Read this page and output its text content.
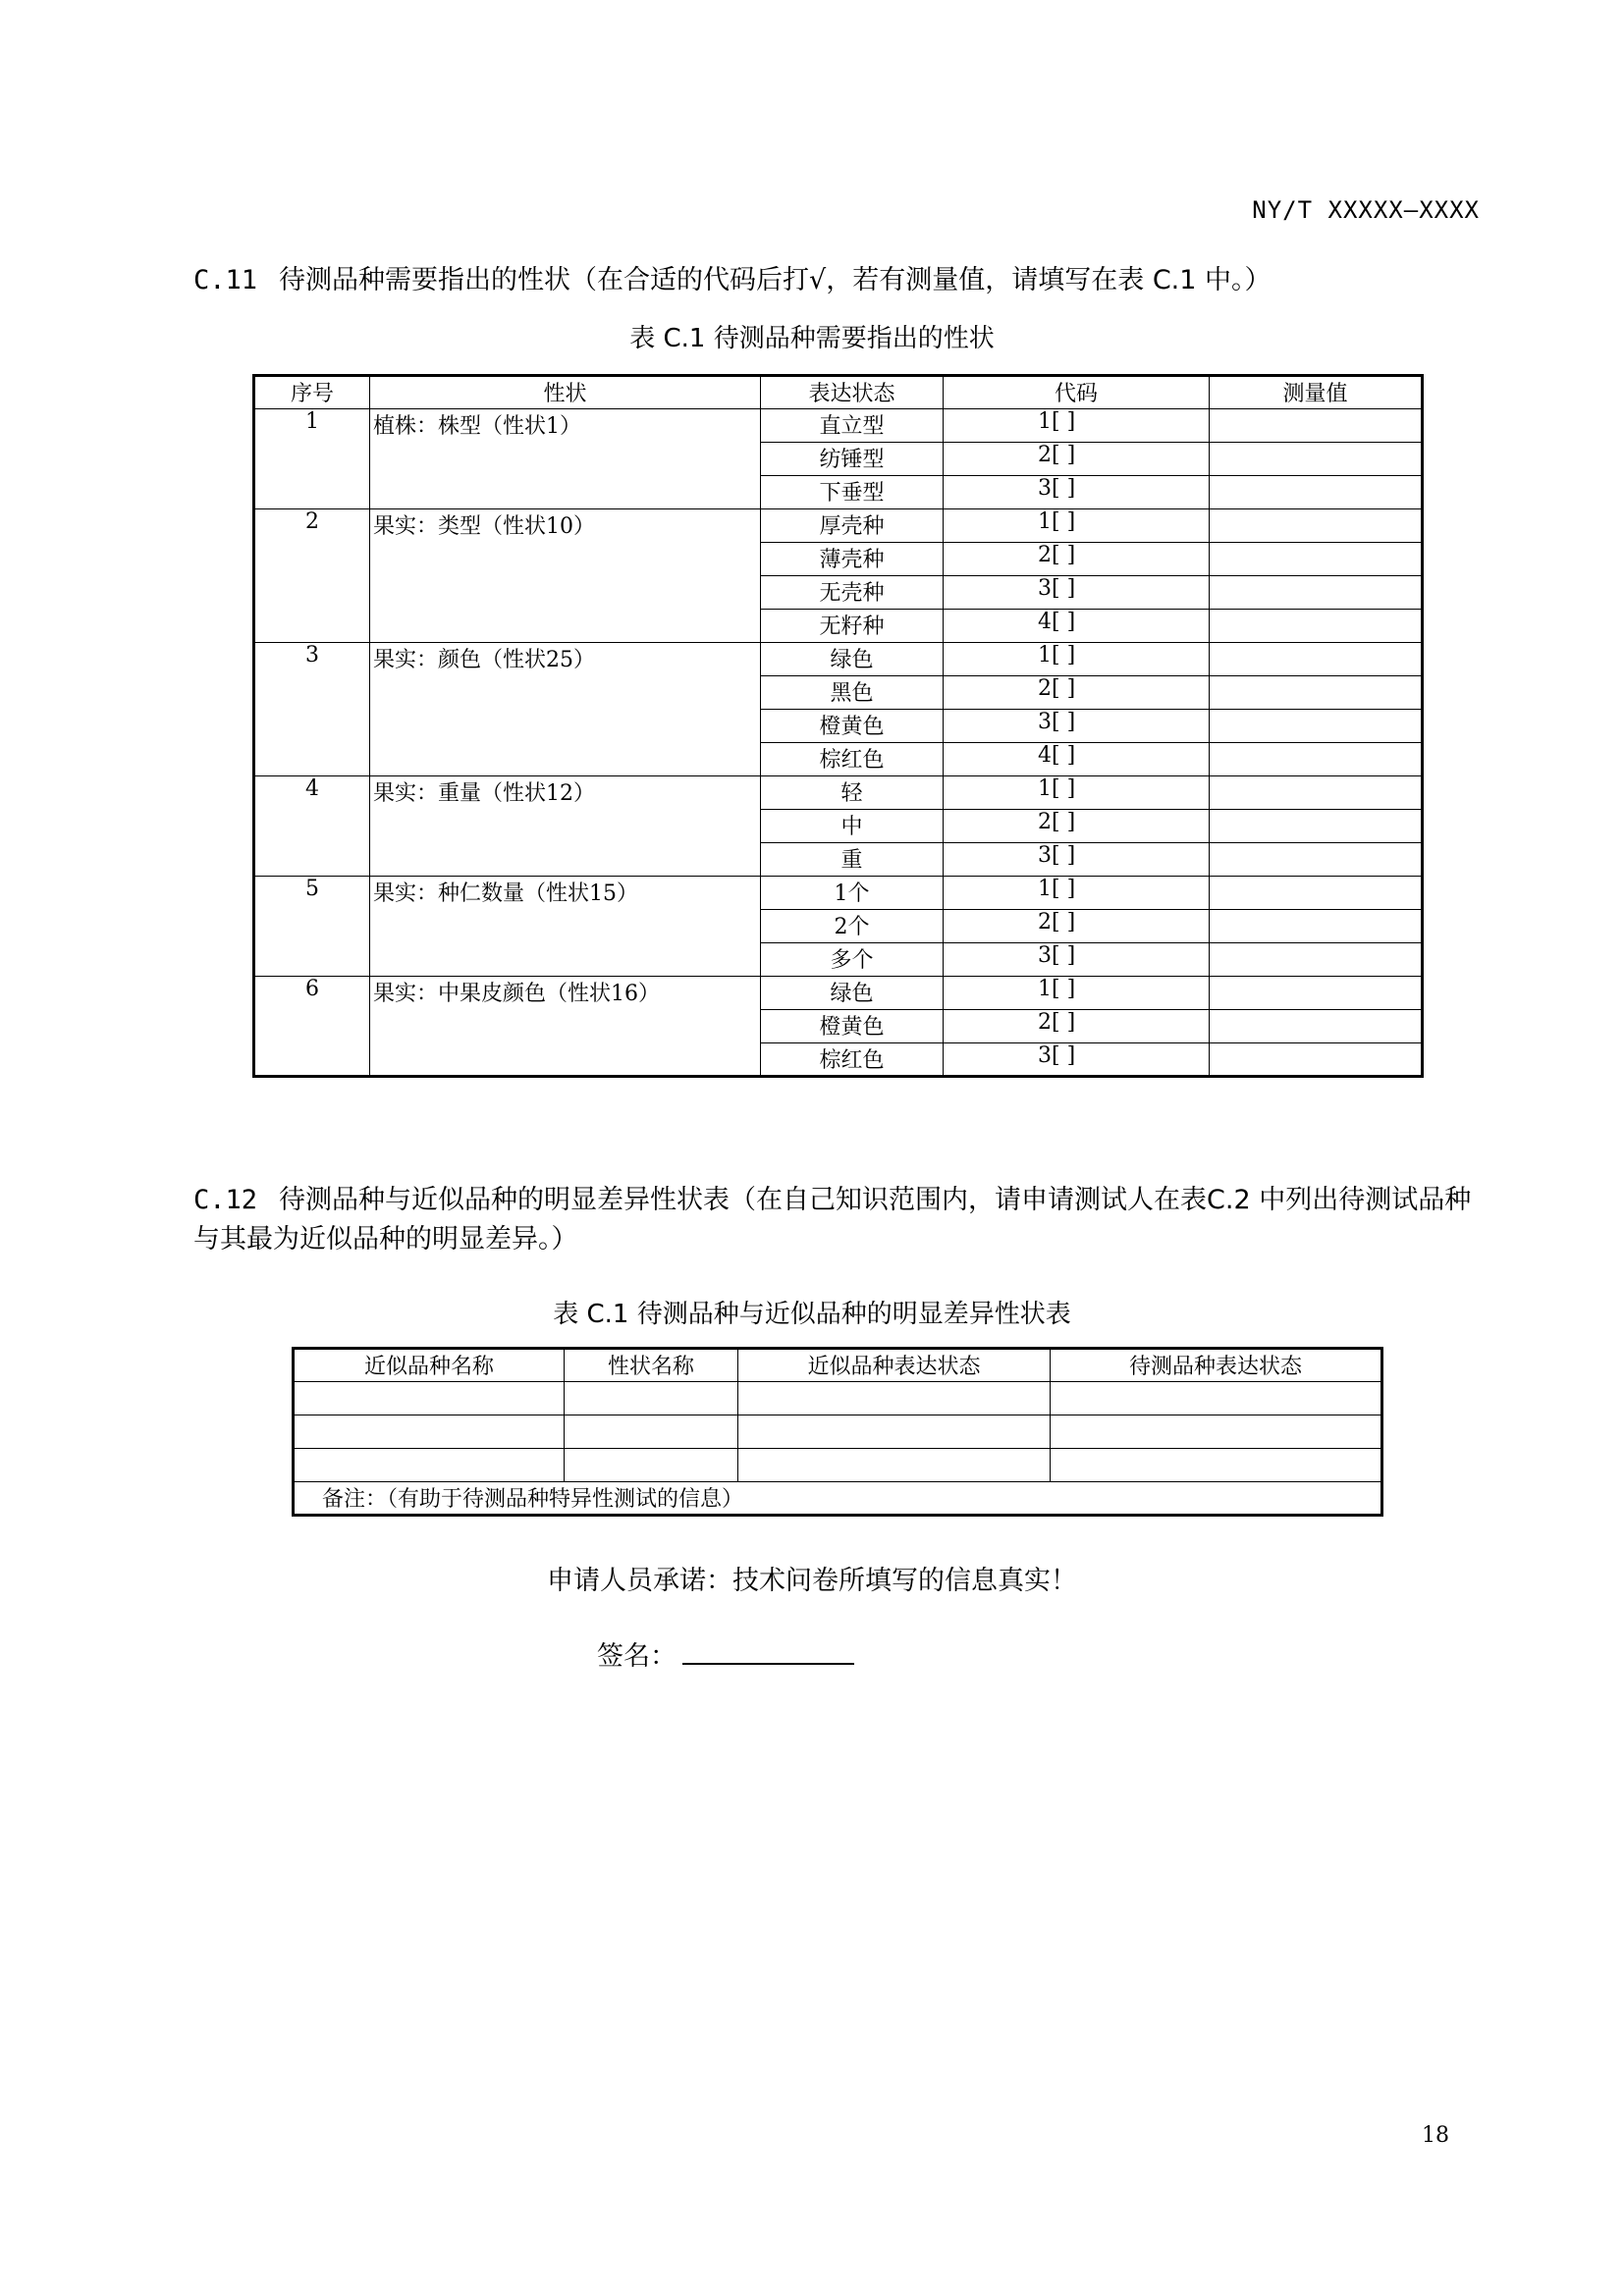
NY/T XXXXX—XXXX
C.11 待测品种需要指出的性状（在合适的代码后打√，若有测量值，请填写在表 C.1 中。）
表 C.1 待测品种需要指出的性状
序号	性状	表达状态	代码	测量值
1	植株：株型（性状1）	直立型	1[ ]	
		纺锤型	2[ ]	
		下垂型	3[ ]	
2	果实：类型（性状10）	厚壳种	1[ ]	
		薄壳种	2[ ]	
		无壳种	3[ ]	
		无籽种	4[ ]	
3	果实：颜色（性状25）	绿色	1[ ]	
		黑色	2[ ]	
		橙黄色	3[ ]	
		棕红色	4[ ]	
4	果实：重量（性状12）	轻	1[ ]	
		中	2[ ]	
		重	3[ ]	
5	果实：种仁数量（性状15）	1个	1[ ]	
		2个	2[ ]	
		多个	3[ ]	
6	果实：中果皮颜色（性状16）	绿色	1[ ]	
		橙黄色	2[ ]	
		棕红色	3[ ]	
C.12 待测品种与近似品种的明显差异性状表（在自己知识范围内，请申请测试人在表C.2 中列出待测试品种与其最为近似品种的明显差异。）
表 C.1 待测品种与近似品种的明显差异性状表
近似品种名称	性状名称	近似品种表达状态	待测品种表达状态

备注：（有助于待测品种特异性测试的信息）			
申请人员承诺：技术问卷所填写的信息真实！
签名：
18
